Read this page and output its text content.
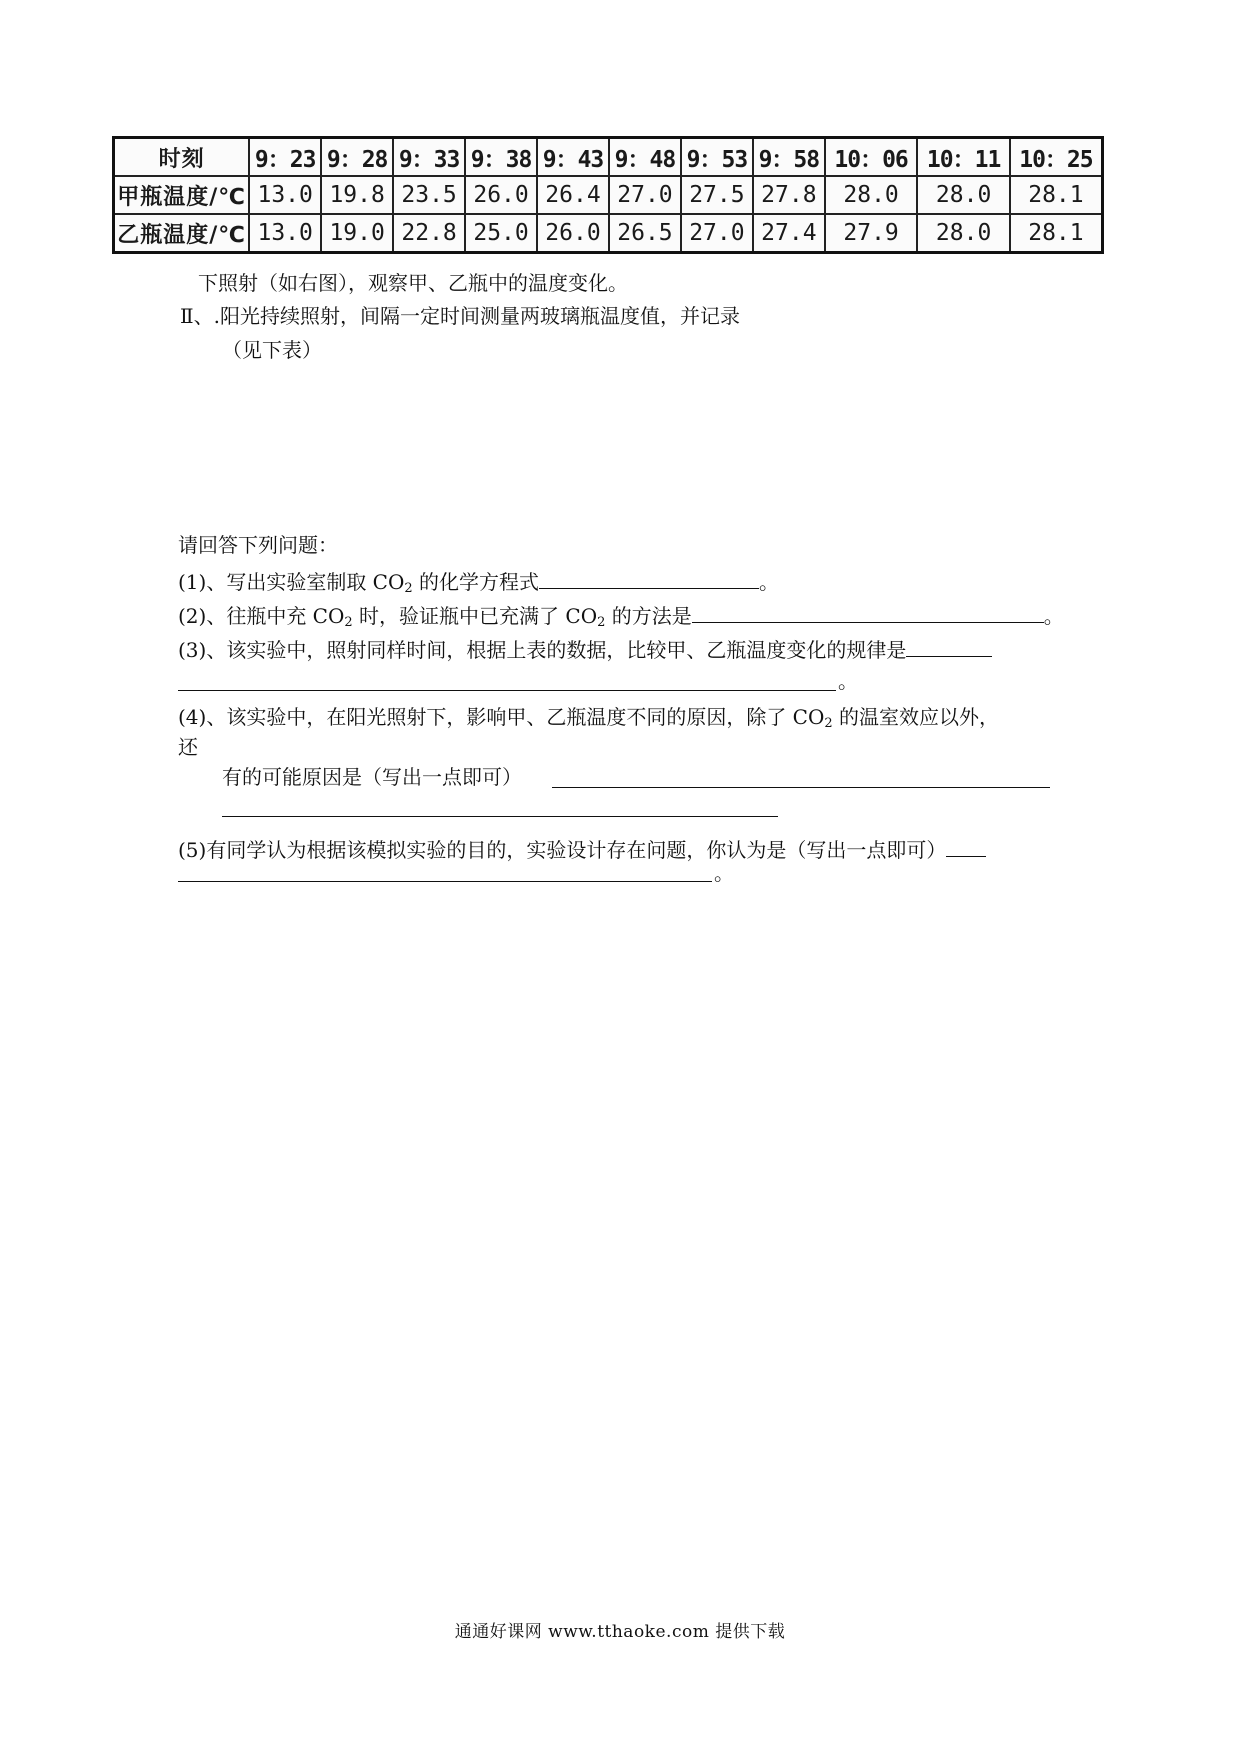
时刻	9：23	9：28	9：33	9：38	9：43	9：48	9：53	9：58	10：06	10：11	10：25
甲瓶温度/℃	13.0	19.8	23.5	26.0	26.4	27.0	27.5	27.8	28.0	28.0	28.1
乙瓶温度/℃	13.0	19.0	22.8	25.0	26.0	26.5	27.0	27.4	27.9	28.0	28.1
下照射（如右图），观察甲、乙瓶中的温度变化。
Ⅱ、.阳光持续照射，间隔一定时间测量两玻璃瓶温度值，并记录
（见下表）
请回答下列问题：
(1)、写出实验室制取 $CO_2$ 的化学方程式	。
(2)、往瓶中充 $CO_2$ 时，验证瓶中已充满了 $CO_2$ 的方法是	。
(3)、该实验中，照射同样时间，根据上表的数据，比较甲、乙瓶温度变化的规律是
。
(4)、该实验中，在阳光照射下，影响甲、乙瓶温度不同的原因，除了 $CO_2$ 的温室效应以外，
还
有的可能原因是（写出一点即可）
(5)有同学认为根据该模拟实验的目的，实验设计存在问题，你认为是（写出一点即可）
。
通通好课网 www.tthaoke.com 提供下载
